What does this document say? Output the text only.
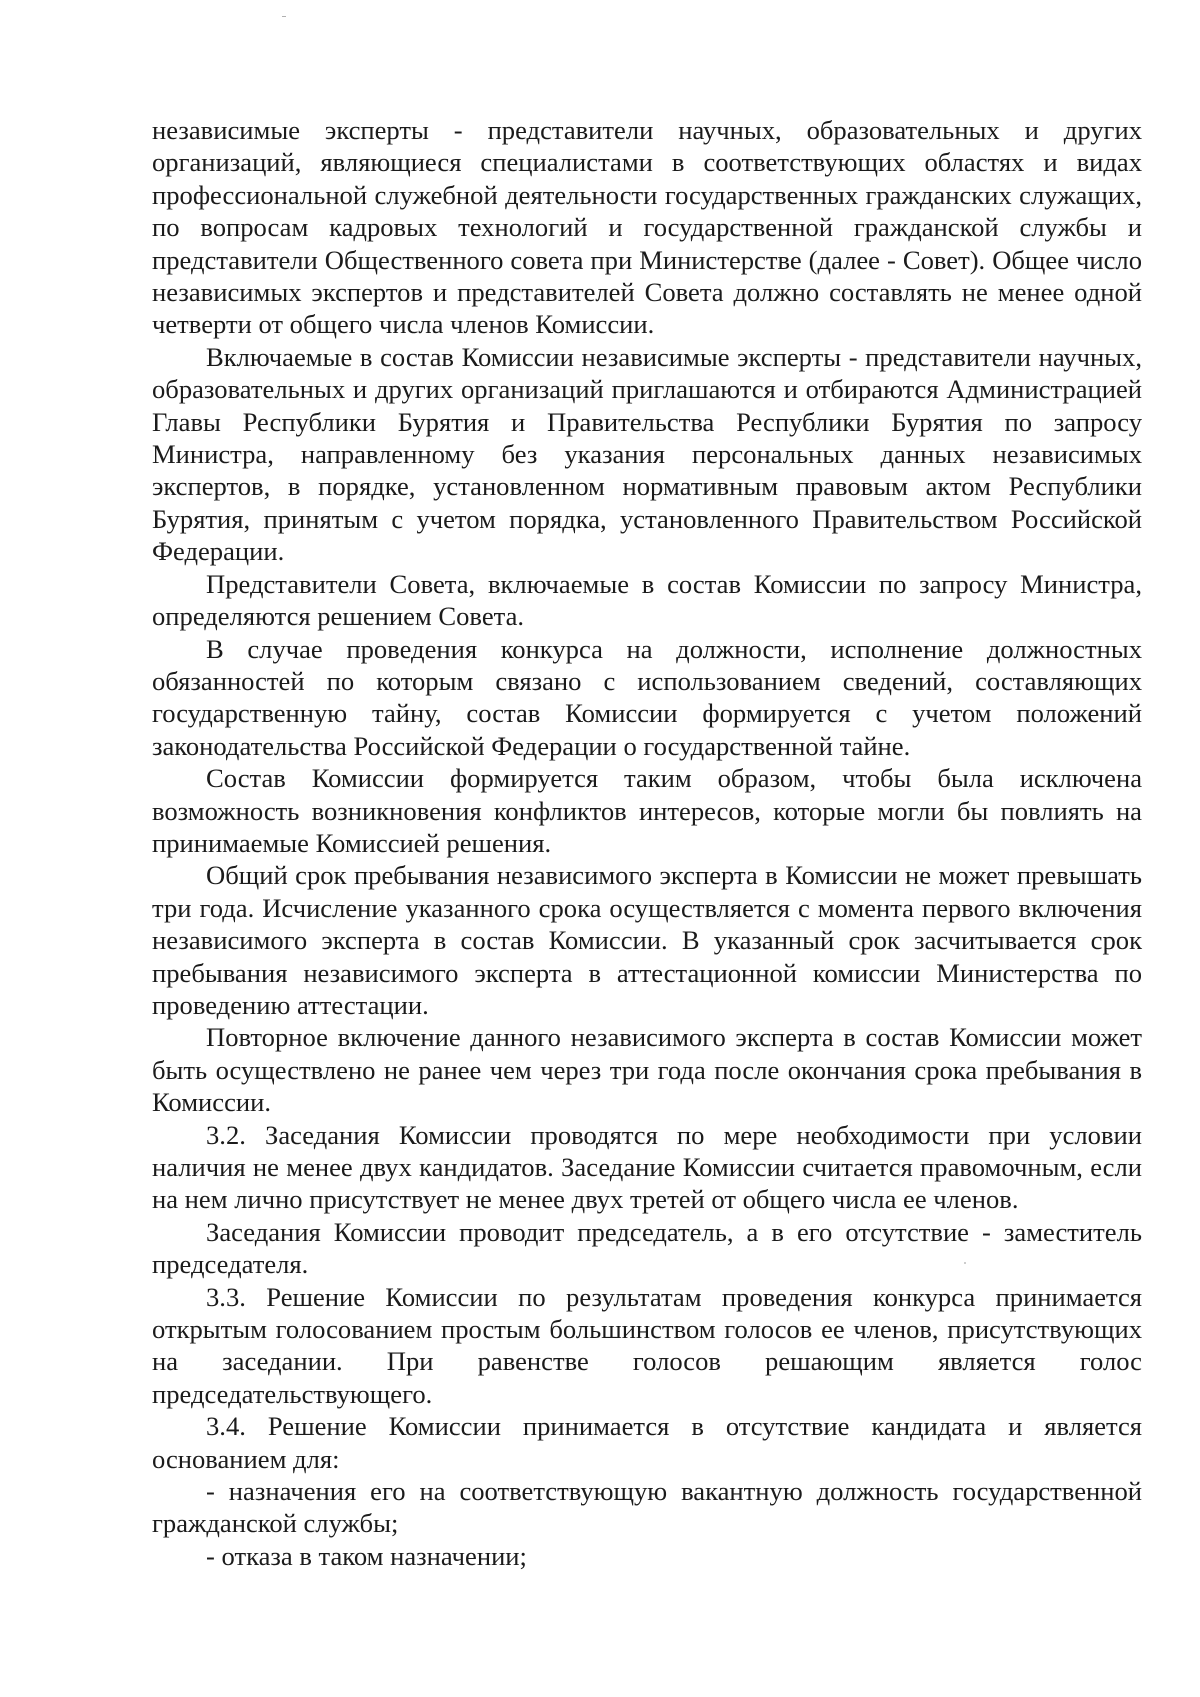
независимые эксперты - представители научных, образовательных и других организаций, являющиеся специалистами в соответствующих областях и видах профессиональной служебной деятельности государственных гражданских служащих, по вопросам кадровых технологий и государственной гражданской службы и представители Общественного совета при Министерстве (далее - Совет). Общее число независимых экспертов и представителей Совета должно составлять не менее одной четверти от общего числа членов Комиссии.

Включаемые в состав Комиссии независимые эксперты - представители научных, образовательных и других организаций приглашаются и отбираются Администрацией Главы Республики Бурятия и Правительства Республики Бурятия по запросу Министра, направленному без указания персональных данных независимых экспертов, в порядке, установленном нормативным правовым актом Республики Бурятия, принятым с учетом порядка, установленного Правительством Российской Федерации.

Представители Совета, включаемые в состав Комиссии по запросу Министра, определяются решением Совета.

В случае проведения конкурса на должности, исполнение должностных обязанностей по которым связано с использованием сведений, составляющих государственную тайну, состав Комиссии формируется с учетом положений законодательства Российской Федерации о государственной тайне.

Состав Комиссии формируется таким образом, чтобы была исключена возможность возникновения конфликтов интересов, которые могли бы повлиять на принимаемые Комиссией решения.

Общий срок пребывания независимого эксперта в Комиссии не может превышать три года. Исчисление указанного срока осуществляется с момента первого включения независимого эксперта в состав Комиссии. В указанный срок засчитывается срок пребывания независимого эксперта в аттестационной комиссии Министерства по проведению аттестации.

Повторное включение данного независимого эксперта в состав Комиссии может быть осуществлено не ранее чем через три года после окончания срока пребывания в Комиссии.

3.2. Заседания Комиссии проводятся по мере необходимости при условии наличия не менее двух кандидатов. Заседание Комиссии считается правомочным, если на нем лично присутствует не менее двух третей от общего числа ее членов.

Заседания Комиссии проводит председатель, а в его отсутствие - заместитель председателя.

3.3. Решение Комиссии по результатам проведения конкурса принимается открытым голосованием простым большинством голосов ее членов, присутствующих на заседании. При равенстве голосов решающим является голос председательствующего.

3.4. Решение Комиссии принимается в отсутствие кандидата и является основанием для:

- назначения его на соответствующую вакантную должность государственной гражданской службы;

- отказа в таком назначении;
